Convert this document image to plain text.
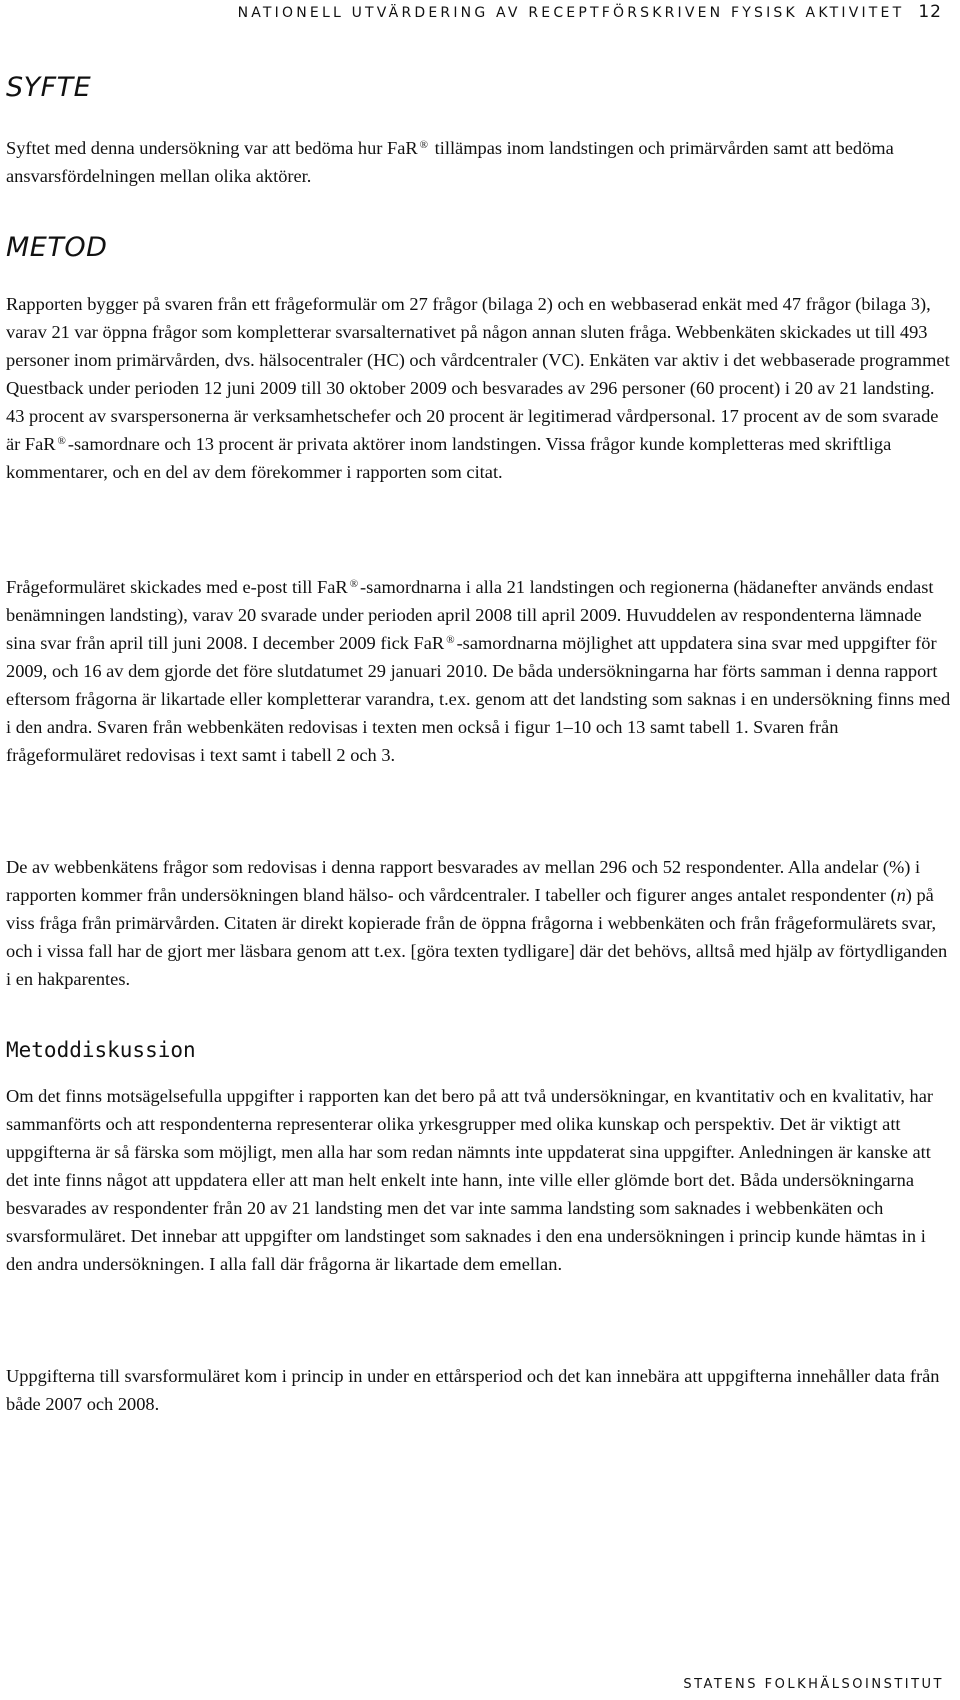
NATIONELL UTVÄRDERING AV RECEPTFÖRSKRIVEN FYSISK AKTIVITET 12
SYFTE

Syftet med denna undersökning var att bedöma hur FaR ® tillämpas inom landstingen och primärvården samt att bedöma ansvarsfördelningen mellan olika aktörer.

METOD

Rapporten bygger på svaren från ett frågeformulär om 27 frågor (bilaga 2) och en webbaserad enkät med 47 frågor (bilaga 3), varav 21 var öppna frågor som kompletterar svarsalternativet på någon annan sluten fråga. Webbenkäten skickades ut till 493 personer inom primärvården, dvs. hälsocentraler (HC) och vårdcentraler (VC). Enkäten var aktiv i det webbaserade programmet Questback under perioden 12 juni 2009 till 30 oktober 2009 och besvarades av 296 personer (60 procent) i 20 av 21 landsting. 43 procent av svarspersonerna är verksamhetschefer och 20 procent är legitimerad vårdpersonal. 17 procent av de som svarade är FaR ® -samordnare och 13 procent är privata aktörer inom landstingen. Vissa frågor kunde kompletteras med skriftliga kommentarer, och en del av dem förekommer i rapporten som citat.

Frågeformuläret skickades med e-post till FaR ® -samordnarna i alla 21 landstingen och regionerna (hädanefter används endast benämningen landsting), varav 20 svarade under perioden april 2008 till april 2009. Huvuddelen av respondenterna lämnade sina svar från april till juni 2008. I december 2009 fick FaR ® -samordnarna möjlighet att uppdatera sina svar med uppgifter för 2009, och 16 av dem gjorde det före slutdatumet 29 januari 2010. De båda undersökningarna har förts samman i denna rapport eftersom frågorna är likartade eller kompletterar varandra, t.ex. genom att det landsting som saknas i en undersökning finns med i den andra. Svaren från webbenkäten redovisas i texten men också i figur 1–10 och 13 samt tabell 1. Svaren från frågeformuläret redovisas i text samt i tabell 2 och 3.

De av webbenkätens frågor som redovisas i denna rapport besvarades av mellan 296 och 52 respondenter. Alla andelar (%) i rapporten kommer från undersökningen bland hälso- och vårdcentraler. I tabeller och figurer anges antalet respondenter (n) på viss fråga från primärvården. Citaten är direkt kopierade från de öppna frågorna i webbenkäten och från frågeformulärets svar, och i vissa fall har de gjort mer läsbara genom att t.ex. [göra texten tydligare] där det behövs, alltså med hjälp av förtydliganden i en hakparentes.

Metoddiskussion

Om det finns motsägelsefulla uppgifter i rapporten kan det bero på att två undersökningar, en kvantitativ och en kvalitativ, har sammanförts och att respondenterna representerar olika yrkesgrupper med olika kunskap och perspektiv. Det är viktigt att uppgifterna är så färska som möjligt, men alla har som redan nämnts inte uppdaterat sina uppgifter. Anledningen är kanske att det inte finns något att uppdatera eller att man helt enkelt inte hann, inte ville eller glömde bort det. Båda undersökningarna besvarades av respondenter från 20 av 21 landsting men det var inte samma landsting som saknades i webbenkäten och svarsformuläret. Det innebar att uppgifter om landstinget som saknades i den ena undersökningen i princip kunde hämtas in i den andra undersökningen. I alla fall där frågorna är likartade dem emellan.

Uppgifterna till svarsformuläret kom i princip in under en ettårsperiod och det kan innebära att uppgifterna innehåller data från både 2007 och 2008.

STATENS FOLKHÄLSOINSTITUT
